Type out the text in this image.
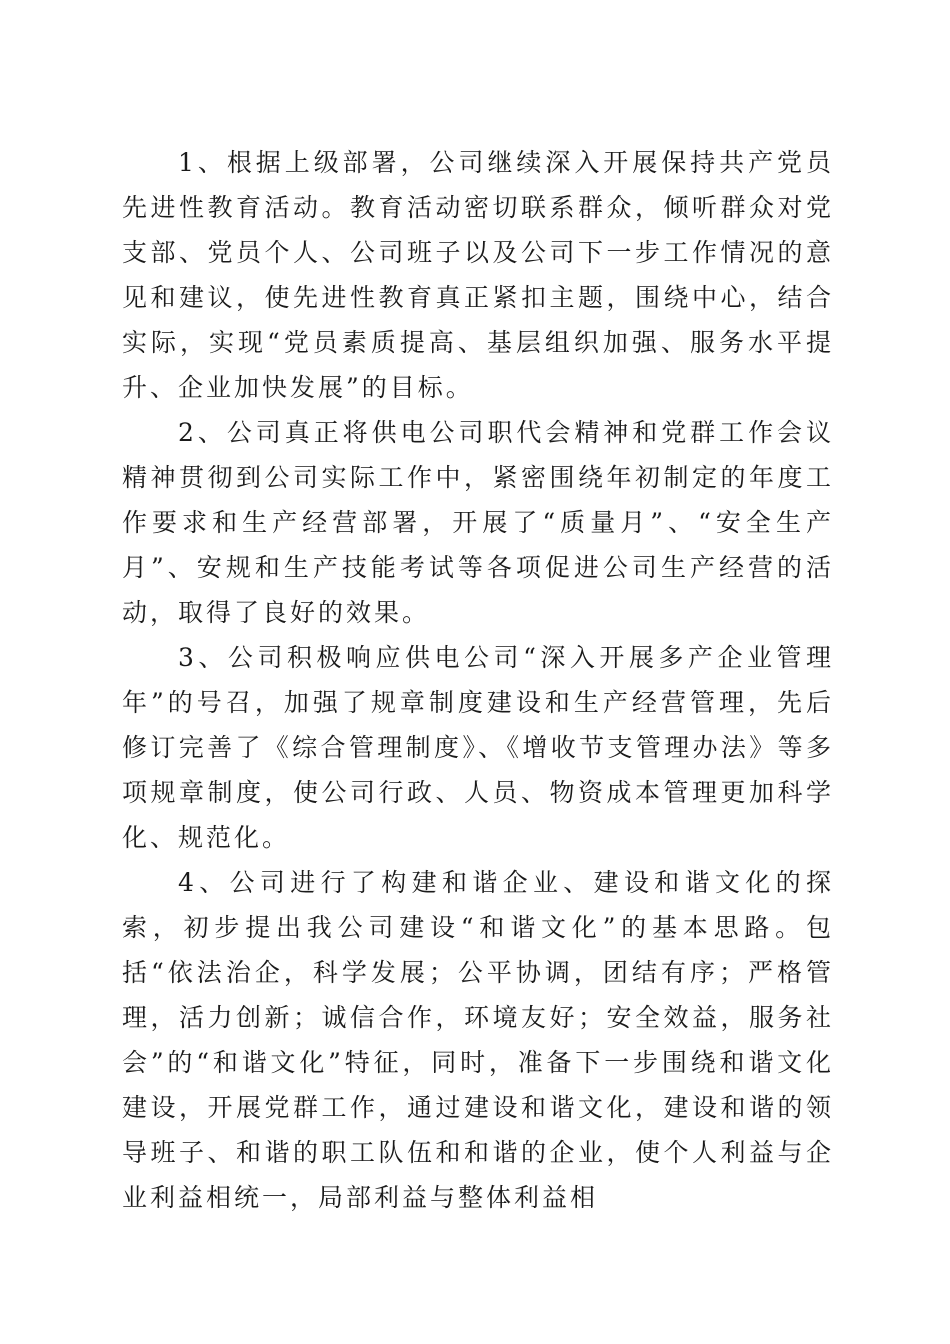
1、根据上级部署，公司继续深入开展保持共产党员先进性教育活动。教育活动密切联系群众，倾听群众对党支部、党员个人、公司班子以及公司下一步工作情况的意见和建议，使先进性教育真正紧扣主题，围绕中心，结合实际，实现“党员素质提高、基层组织加强、服务水平提升、企业加快发展”的目标。

2、公司真正将供电公司职代会精神和党群工作会议精神贯彻到公司实际工作中，紧密围绕年初制定的年度工作要求和生产经营部署，开展了“质量月”、“安全生产月”、安规和生产技能考试等各项促进公司生产经营的活动，取得了良好的效果。

3、公司积极响应供电公司“深入开展多产企业管理年”的号召，加强了规章制度建设和生产经营管理，先后修订完善了《综合管理制度》、《增收节支管理办法》等多项规章制度，使公司行政、人员、物资成本管理更加科学化、规范化。

4、公司进行了构建和谐企业、建设和谐文化的探索，初步提出我公司建设“和谐文化”的基本思路。包括“依法治企，科学发展；公平协调，团结有序；严格管理，活力创新；诚信合作，环境友好；安全效益，服务社会”的“和谐文化”特征，同时，准备下一步围绕和谐文化建设，开展党群工作，通过建设和谐文化，建设和谐的领导班子、和谐的职工队伍和和谐的企业，使个人利益与企业利益相统一，局部利益与整体利益相
